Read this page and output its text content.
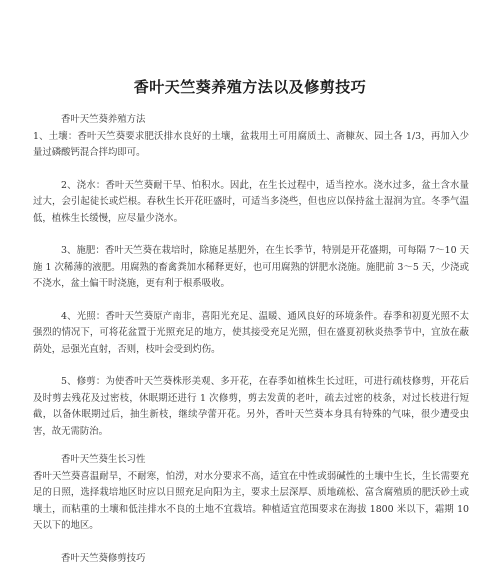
香叶天竺葵养殖方法以及修剪技巧

香叶天竺葵养殖方法

1、土壤：香叶天竺葵要求肥沃排水良好的土壤，盆栽用土可用腐质土、斋糠灰、园土各 1/3，再加入少量过磷酸钙混合拌均即可。

2、浇水：香叶天竺葵耐干旱、怕积水。因此，在生长过程中，适当控水。浇水过多，盆土含水量过大，会引起徒长或烂根。春秋生长开花旺盛时，可适当多浇些，但也应以保持盆土湿润为宜。冬季气温低，植株生长缓慢，应尽量少浇水。

3、施肥：香叶天竺葵在栽培时，除施足基肥外，在生长季节，特别是开花盛期，可每隔 7～10 天施 1 次稀薄的液肥。用腐熟的畜禽粪加水稀释更好，也可用腐熟的饼肥水浇施。施肥前 3～5 天，少浇或不浇水，盆土偏干时浇施，更有利于根系吸收。

4、光照：香叶天竺葵原产南非，喜阳光充足、温暖、通风良好的环境条件。春季和初夏光照不太强烈的情况下，可将花盆置于光照充足的地方，使其接受充足光照，但在盛夏初秋炎热季节中，宜放在蔽荫处，忌强光直射，否则，枝叶会受到灼伤。

5、修剪：为使香叶天竺葵株形美观、多开花，在春季如植株生长过旺，可进行疏枝修剪，开花后及时剪去残花及过密枝，休眠期还进行 1 次修剪，剪去发黄的老叶，疏去过密的枝条，对过长枝进行短截，以备休眠期过后，抽生新枝，继续孕蕾开花。另外，香叶天竺葵本身具有特殊的气味，很少遭受虫害，故无需防治。

香叶天竺葵生长习性

香叶天竺葵喜温耐旱，不耐寒，怕涝，对水分要求不高，适宜在中性或弱碱性的土壤中生长，生长需要充足的日照，选择栽培地区时应以日照充足向阳为主，要求土层深厚、质地疏松、富含腐殖质的肥沃砂土或壤土，而粘重的土壤和低洼排水不良的土地不宜栽培。种植适宜范围要求在海拔 1800 米以下，霜期 10 天以下的地区。

香叶天竺葵修剪技巧
